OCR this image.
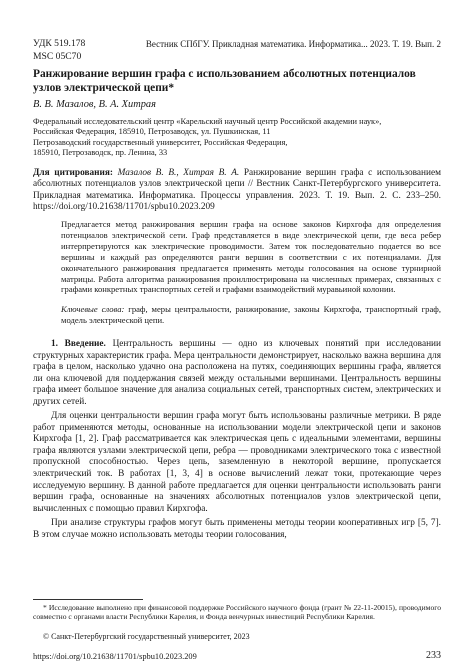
УДК 519.178
MSC 05C70
Вестник СПбГУ. Прикладная математика. Информатика... 2023. Т. 19. Вып. 2
Ранжирование вершин графа с использованием абсолютных потенциалов узлов электрической цепи*
В. В. Мазалов, В. А. Хитрая
Федеральный исследовательский центр «Карельский научный центр Российской академии наук»,
Российская Федерация, 185910, Петрозаводск, ул. Пушкинская, 11
Петрозаводский государственный университет, Российская Федерация,
185910, Петрозаводск, пр. Ленина, 33
Для цитирования: Мазалов В. В., Хитрая В. А. Ранжирование вершин графа с использованием абсолютных потенциалов узлов электрической цепи // Вестник Санкт-Петербургского университета. Прикладная математика. Информатика. Процессы управления. 2023. Т. 19. Вып. 2. С. 233–250. https://doi.org/10.21638/11701/spbu10.2023.209
Предлагается метод ранжирования вершин графа на основе законов Кирхгофа для определения потенциалов электрической сети. Граф представляется в виде электрической цепи, где веса ребер интерпретируются как электрические проводимости. Затем ток последовательно подается во все вершины и каждый раз определяются ранги вершин в соответствии с их потенциалами. Для окончательного ранжирования предлагается применять методы голосования на основе турнирной матрицы. Работа алгоритма ранжирования проиллюстрирована на численных примерах, связанных с графами конкретных транспортных сетей и графами взаимодействий муравьиной колонии.
Ключевые слова: граф, меры центральности, ранжирование, законы Кирхгофа, транспортный граф, модель электрической цепи.

1. Введение. Центральность вершины — одно из ключевых понятий при исследовании структурных характеристик графа. Мера центральности демонстрирует, насколько важна вершина для графа в целом, насколько удачно она расположена на путях, соединяющих вершины графа, является ли она ключевой для поддержания связей между остальными вершинами. Центральность вершины графа имеет большое значение для анализа социальных сетей, транспортных систем, электрических и других сетей.

Для оценки центральности вершин графа могут быть использованы различные метрики. В ряде работ применяются методы, основанные на использовании модели электрической цепи и законов Кирхгофа [1, 2]. Граф рассматривается как электрическая цепь с идеальными элементами, вершины графа являются узлами электрической цепи, ребра — проводниками электрического тока с известной пропускной способностью. Через цепь, заземленную в некоторой вершине, пропускается электрический ток. В работах [1, 3, 4] в основе вычислений лежат токи, протекающие через исследуемую вершину. В данной работе предлагается для оценки центральности использовать ранги вершин графа, основанные на значениях абсолютных потенциалов узлов электрической цепи, вычисленных с помощью правил Кирхгофа.

При анализе структуры графов могут быть применены методы теории кооперативных игр [5, 7]. В этом случае можно использовать методы теории голосования,

* Исследование выполнено при финансовой поддержке Российского научного фонда (грант № 22-11-20015), проводимого совместно с органами власти Республики Карелия, и Фонда венчурных инвестиций Республики Карелия.

© Санкт-Петербургский государственный университет, 2023
https://doi.org/10.21638/11701/spbu10.2023.209	233
